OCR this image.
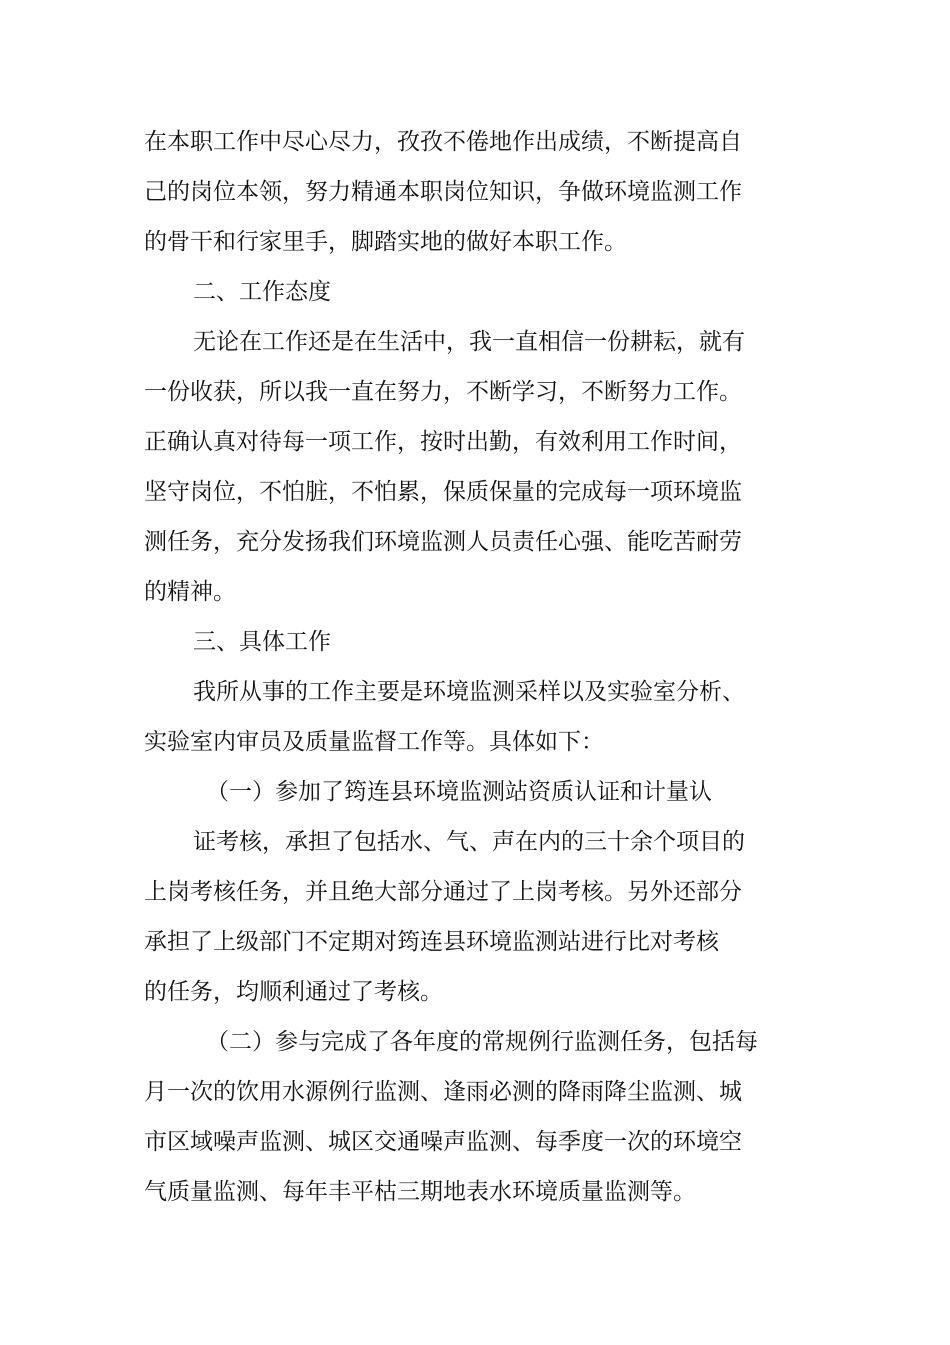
在本职工作中尽心尽力，孜孜不倦地作出成绩，不断提高自
己的岗位本领，努力精通本职岗位知识，争做环境监测工作
的骨干和行家里手，脚踏实地的做好本职工作。
二、工作态度
无论在工作还是在生活中，我一直相信一份耕耘，就有
一份收获，所以我一直在努力，不断学习，不断努力工作。
正确认真对待每一项工作，按时出勤，有效利用工作时间，
坚守岗位，不怕脏，不怕累，保质保量的完成每一项环境监
测任务，充分发扬我们环境监测人员责任心强、能吃苦耐劳
的精神。
三、具体工作
我所从事的工作主要是环境监测采样以及实验室分析、
实验室内审员及质量监督工作等。具体如下：
（一）参加了筠连县环境监测站资质认证和计量认
证考核，承担了包括水、气、声在内的三十余个项目的
上岗考核任务，并且绝大部分通过了上岗考核。另外还部分
承担了上级部门不定期对筠连县环境监测站进行比对考核
的任务，均顺利通过了考核。
（二）参与完成了各年度的常规例行监测任务，包括每
月一次的饮用水源例行监测、逢雨必测的降雨降尘监测、城
市区域噪声监测、城区交通噪声监测、每季度一次的环境空
气质量监测、每年丰平枯三期地表水环境质量监测等。
